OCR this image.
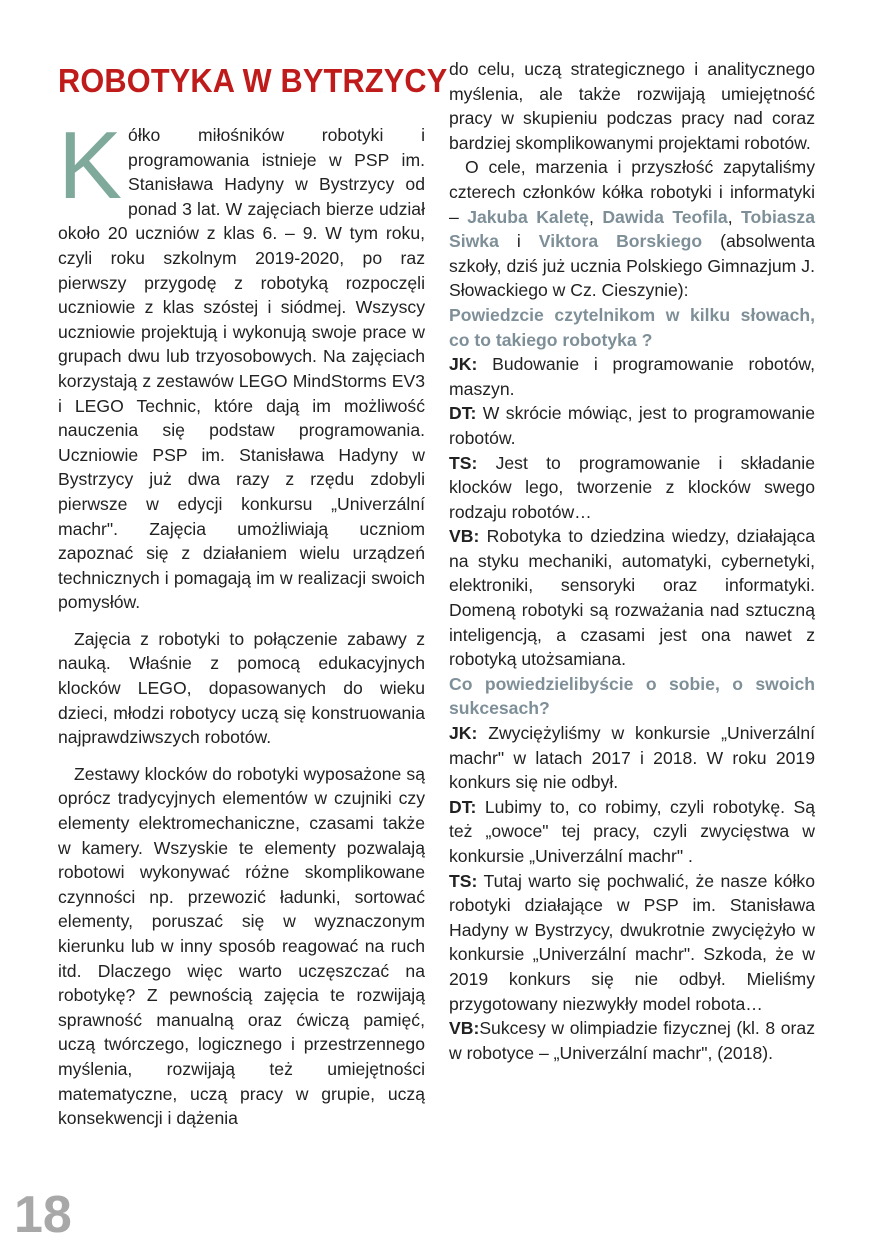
ROBOTYKA W BYTRZYCY

Kółko miłośników robotyki i programowania istnieje w PSP im. Stanisława Hadyny w Bystrzycy od ponad 3 lat. W zajęciach bierze udział około 20 uczniów z klas 6. – 9. W tym roku, czyli roku szkolnym 2019-2020, po raz pierwszy przygodę z robotyką rozpoczęli uczniowie z klas szóstej i siódmej. Wszyscy uczniowie projektują i wykonują swoje prace w grupach dwu lub trzyosobowych. Na zajęciach korzystają z zestawów LEGO MindStorms EV3 i LEGO Technic, które dają im możliwość nauczenia się podstaw programowania. Uczniowie PSP im. Stanisława Hadyny w Bystrzycy już dwa razy z rzędu zdobyli pierwsze w edycji konkursu „Univerzální machr". Zajęcia umożliwiają uczniom zapoznać się z działaniem wielu urządzeń technicznych i pomagają im w realizacji swoich pomysłów.

Zajęcia z robotyki to połączenie zabawy z nauką. Właśnie z pomocą edukacyjnych klocków LEGO, dopasowanych do wieku dzieci, młodzi robotycy uczą się konstruowania najprawdziwszych robotów.

Zestawy klocków do robotyki wyposażone są oprócz tradycyjnych elementów w czujniki czy elementy elektromechaniczne, czasami także w kamery. Wszyskie te elementy pozwalają robotowi wykonywać różne skomplikowane czynności np. przewozić ładunki, sortować elementy, poruszać się w wyznaczonym kierunku lub w inny sposób reagować na ruch itd. Dlaczego więc warto uczęszczać na robotykę? Z pewnością zajęcia te rozwijają sprawność manualną oraz ćwiczą pamięć, uczą twórczego, logicznego i przestrzennego myślenia, rozwijają też umiejętności matematyczne, uczą pracy w grupie, uczą konsekwencji i dążenia

do celu, uczą strategicznego i analitycznego myślenia, ale także rozwijają umiejętność pracy w skupieniu podczas pracy nad coraz bardziej skomplikowanymi projektami robotów.

O cele, marzenia i przyszłość zapytaliśmy czterech członków kółka robotyki i informatyki – Jakuba Kaletę, Dawida Teofila, Tobiasza Siwka i Viktora Borskiego (absolwenta szkoły, dziś już ucznia Polskiego Gimnazjum J. Słowackiego w Cz. Cieszynie):

Powiedzcie czytelnikom w kilku słowach, co to takiego robotyka ?

JK: Budowanie i programowanie robotów, maszyn.

DT: W skrócie mówiąc, jest to programowanie robotów.

TS: Jest to programowanie i składanie klocków lego, tworzenie z klocków swego rodzaju robotów…

VB: Robotyka to dziedzina wiedzy, działająca na styku mechaniki, automatyki, cybernetyki, elektroniki, sensoryki oraz informatyki. Domeną robotyki są rozważania nad sztuczną inteligencją, a czasami jest ona nawet z robotyką utożsamiana.

Co powiedzielibyście o sobie, o swoich sukcesach?

JK: Zwyciężyliśmy w konkursie „Univerzální machr" w latach 2017 i 2018. W roku 2019 konkurs się nie odbył.

DT: Lubimy to, co robimy, czyli robotykę. Są też „owoce" tej pracy, czyli zwycięstwa w konkursie „Univerzální machr" .

TS: Tutaj warto się pochwalić, że nasze kółko robotyki działające w PSP im. Stanisława Hadyny w Bystrzycy, dwukrotnie zwyciężyło w konkursie „Univerzální machr". Szkoda, że w 2019 konkurs się nie odbył. Mieliśmy przygotowany niezwykły model robota…

VB:Sukcesy w olimpiadzie fizycznej (kl. 8 oraz w robotyce – „Univerzální machr", (2018).

18
